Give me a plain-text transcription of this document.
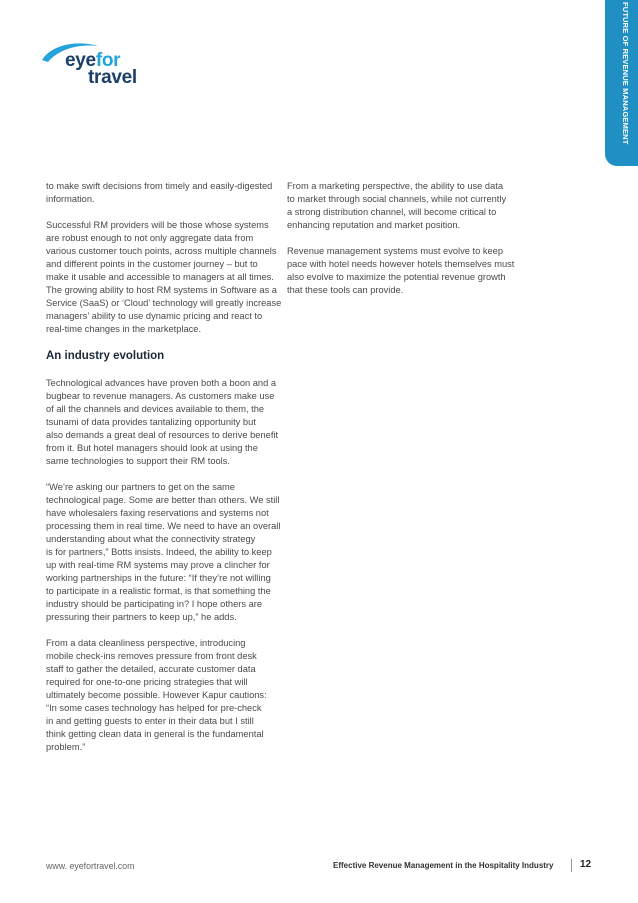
FUTURE OF REVENUE MANAGEMENT
eyefor
travel

to make swift decisions from timely and easily-digested
information.

Successful RM providers will be those whose systems
are robust enough to not only aggregate data from
various customer touch points, across multiple channels
and different points in the customer journey – but to
make it usable and accessible to managers at all times.
The growing ability to host RM systems in Software as a
Service (SaaS) or ‘Cloud’ technology will greatly increase
managers’ ability to use dynamic pricing and react to
real-time changes in the marketplace.

An industry evolution

Technological advances have proven both a boon and a
bugbear to revenue managers. As customers make use
of all the channels and devices available to them, the
tsunami of data provides tantalizing opportunity but
also demands a great deal of resources to derive benefit
from it. But hotel managers should look at using the
same technologies to support their RM tools.

“We’re asking our partners to get on the same
technological page. Some are better than others. We still
have wholesalers faxing reservations and systems not
processing them in real time. We need to have an overall
understanding about what the connectivity strategy
is for partners,” Botts insists. Indeed, the ability to keep
up with real-time RM systems may prove a clincher for
working partnerships in the future: “If they’re not willing
to participate in a realistic format, is that something the
industry should be participating in? I hope others are
pressuring their partners to keep up,” he adds.

From a data cleanliness perspective, introducing
mobile check-ins removes pressure from front desk
staff to gather the detailed, accurate customer data
required for one-to-one pricing strategies that will
ultimately become possible. However Kapur cautions:
“In some cases technology has helped for pre-check
in and getting guests to enter in their data but I still
think getting clean data in general is the fundamental
problem.”

From a marketing perspective, the ability to use data
to market through social channels, while not currently
a strong distribution channel, will become critical to
enhancing reputation and market position.

Revenue management systems must evolve to keep
pace with hotel needs however hotels themselves must
also evolve to maximize the potential revenue growth
that these tools can provide.

www. eyefortravel.com	Effective Revenue Management in the Hospitality Industry	12
